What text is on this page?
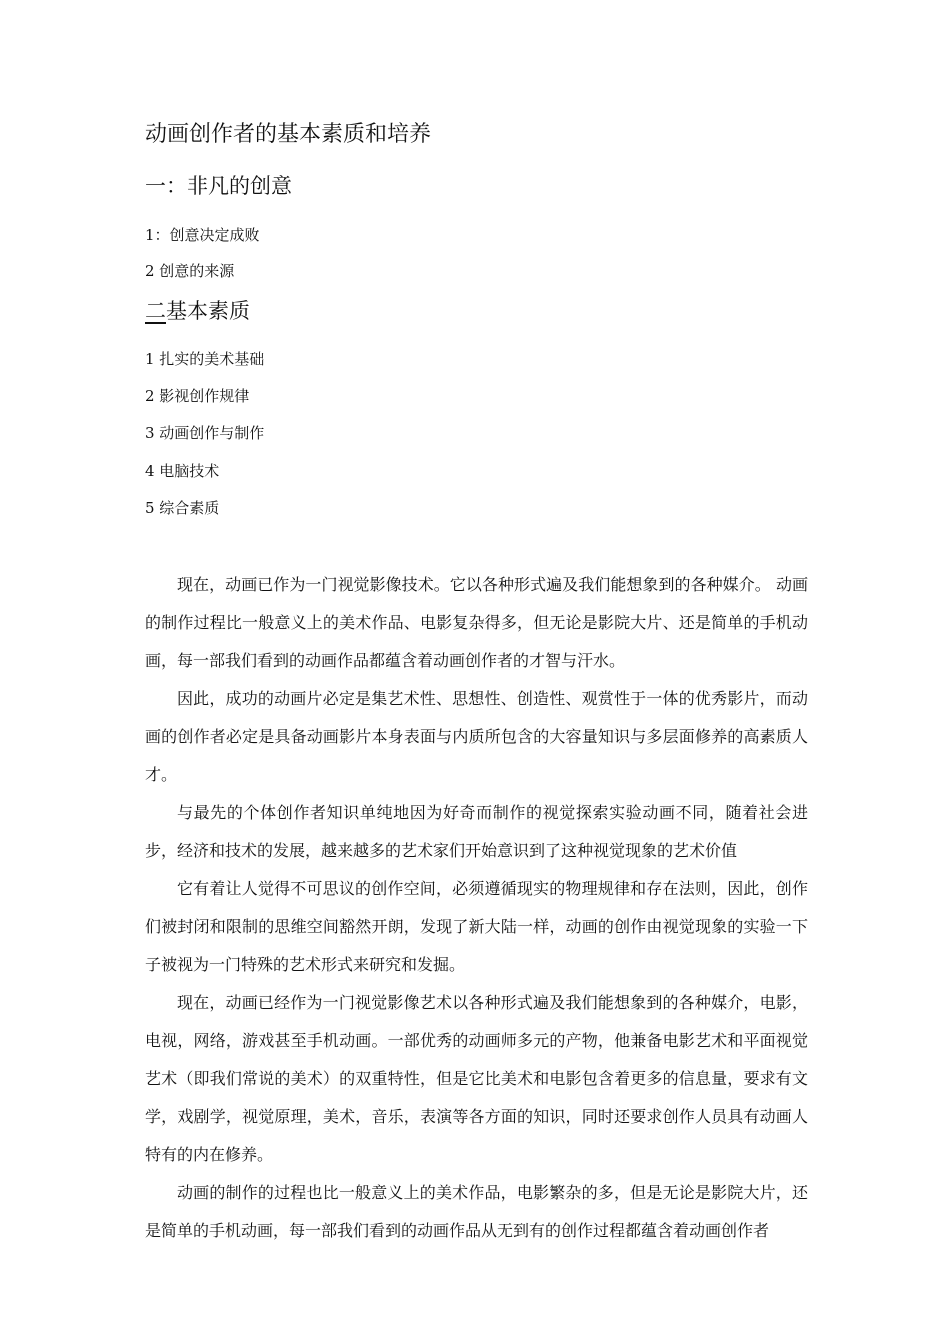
动画创作者的基本素质和培养
一：非凡的创意
1：创意决定成败
2 创意的来源
二基本素质
1 扎实的美术基础
2 影视创作规律
3 动画创作与制作
4 电脑技术
5 综合素质

现在，动画已作为一门视觉影像技术。它以各种形式遍及我们能想象到的各种媒介。 动画的制作过程比一般意义上的美术作品、电影复杂得多，但无论是影院大片、还是简单的手机动画，每一部我们看到的动画作品都蕴含着动画创作者的才智与汗水。

因此，成功的动画片必定是集艺术性、思想性、创造性、观赏性于一体的优秀影片，而动画的创作者必定是具备动画影片本身表面与内质所包含的大容量知识与多层面修养的高素质人才。

与最先的个体创作者知识单纯地因为好奇而制作的视觉探索实验动画不同，随着社会进步，经济和技术的发展，越来越多的艺术家们开始意识到了这种视觉现象的艺术价值

它有着让人觉得不可思议的创作空间，必须遵循现实的物理规律和存在法则，因此，创作们被封闭和限制的思维空间豁然开朗，发现了新大陆一样，动画的创作由视觉现象的实验一下子被视为一门特殊的艺术形式来研究和发掘。

现在，动画已经作为一门视觉影像艺术以各种形式遍及我们能想象到的各种媒介，电影，电视，网络，游戏甚至手机动画。一部优秀的动画师多元的产物，他兼备电影艺术和平面视觉艺术（即我们常说的美术）的双重特性，但是它比美术和电影包含着更多的信息量，要求有文学，戏剧学，视觉原理，美术，音乐，表演等各方面的知识，同时还要求创作人员具有动画人特有的内在修养。

动画的制作的过程也比一般意义上的美术作品，电影繁杂的多，但是无论是影院大片，还是简单的手机动画，每一部我们看到的动画作品从无到有的创作过程都蕴含着动画创作者
